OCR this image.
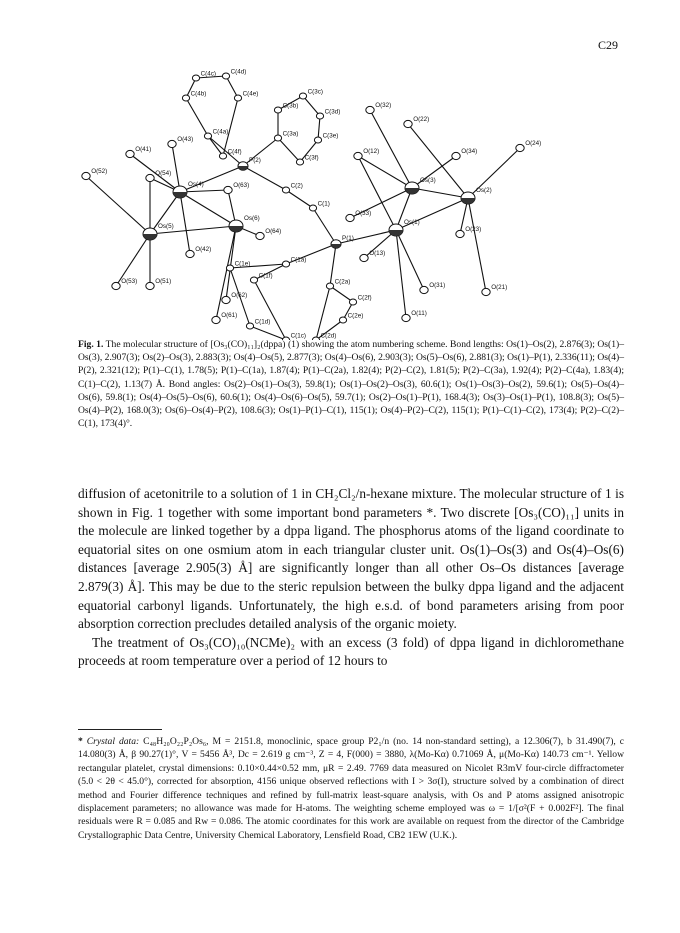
C29
C(4c) C(4d)
C(4b)	C(4e)	C(3c)
C(3b)
C(3d)
O(32)
O(22)
O(43)
C(4a)	C(3a)	C(3e)
O(41)	C(4f)
P(2)	C(3f)
O(12)	O(34)
O(24)
O(52)	O(54)
Os(4)	O(63)	C(2)
Os(3)
Os(2)
C(1)
O(33)
O(23)
Os(6)
O(64)
P(1)
Os(5)
Os(1)
O(42)
C(1e)
C(1a)
O(13)
C(1f)
O(53)	O(51)	C(2a)	O(31)	O(21)
O(62)	C(2f)
O(61)
C(1d)
O(11)
C(2e)
C(1c) C(2d)
Fig. 1. The molecular structure of [Os₃(CO)₁₁]₂(dppa) (1) showing the atom numbering scheme. Bond lengths: Os(1)–Os(2), 2.876(3); Os(1)–Os(3), 2.907(3); Os(2)–Os(3), 2.883(3); Os(4)–Os(5), 2.877(3); Os(4)–Os(6), 2.903(3); Os(5)–Os(6), 2.881(3); Os(1)–P(1), 2.336(11); Os(4)–P(2), 2.321(12); P(1)–C(1), 1.78(5); P(1)–C(1a), 1.87(4); P(1)–C(2a), 1.82(4); P(2)–C(2), 1.81(5); P(2)–C(3a), 1.92(4); P(2)–C(4a), 1.83(4); C(1)–C(2), 1.13(7) Å. Bond angles: Os(2)–Os(1)–Os(3), 59.8(1); Os(1)–Os(2)–Os(3), 60.6(1); Os(1)–Os(3)–Os(2), 59.6(1); Os(5)–Os(4)–Os(6), 59.8(1); Os(4)–Os(5)–Os(6), 60.6(1); Os(4)–Os(6)–Os(5), 59.7(1); Os(2)–Os(1)–P(1), 168.4(3); Os(3)–Os(1)–P(1), 108.8(3); Os(5)–Os(4)–P(2), 168.0(3); Os(6)–Os(4)–P(2), 108.6(3); Os(1)–P(1)–C(1), 115(1); Os(4)–P(2)–C(2), 115(1); P(1)–C(1)–C(2), 173(4); P(2)–C(2)–C(1), 173(4)°.

diffusion of acetonitrile to a solution of 1 in CH₂Cl₂/n-hexane mixture. The molecular structure of 1 is shown in Fig. 1 together with some important bond parameters *. Two discrete [Os₃(CO)₁₁] units in the molecule are linked together by a dppa ligand. The phosphorus atoms of the ligand coordinate to equatorial sites on one osmium atom in each triangular cluster unit. Os(1)–Os(3) and Os(4)–Os(6) distances [average 2.905(3) Å] are significantly longer than all other Os–Os distances [average 2.879(3) Å]. This may be due to the steric repulsion between the bulky dppa ligand and the adjacent equatorial carbonyl ligands. Unfortunately, the high e.s.d. of bond parameters arising from poor absorption correction precludes detailed analysis of the organic moiety.

The treatment of Os₃(CO)₁₀(NCMe)₂ with an excess (3 fold) of dppa ligand in dichloromethane proceeds at room temperature over a period of 12 hours to

* Crystal data: C₄₈H₂₀O₂₂P₂Os₆, M = 2151.8, monoclinic, space group P2₁/n (no. 14 non-standard setting), a 12.306(7), b 31.490(7), c 14.080(3) Å, β 90.27(1)°, V = 5456 Å³, Dc = 2.619 g cm⁻³, Z = 4, F(000) = 3880, λ(Mo-Kα) 0.71069 Å, μ(Mo-Kα) 140.73 cm⁻¹. Yellow rectangular platelet, crystal dimensions: 0.10×0.44×0.52 mm, μR = 2.49. 7769 data measured on Nicolet R3mV four-circle diffractometer (5.0 < 2θ < 45.0°), corrected for absorption, 4156 unique observed reflections with I > 3σ(I), structure solved by a combination of direct method and Fourier difference techniques and refined by full-matrix least-square analysis, with Os and P atoms assigned anisotropic displacement parameters; no allowance was made for H-atoms. The weighting scheme employed was ω = 1/[σ²(F + 0.002F²]. The final residuals were R = 0.085 and Rw = 0.086. The atomic coordinates for this work are available on request from the director of the Cambridge Crystallographic Data Centre, University Chemical Laboratory, Lensfield Road, CB2 1EW (U.K.).
